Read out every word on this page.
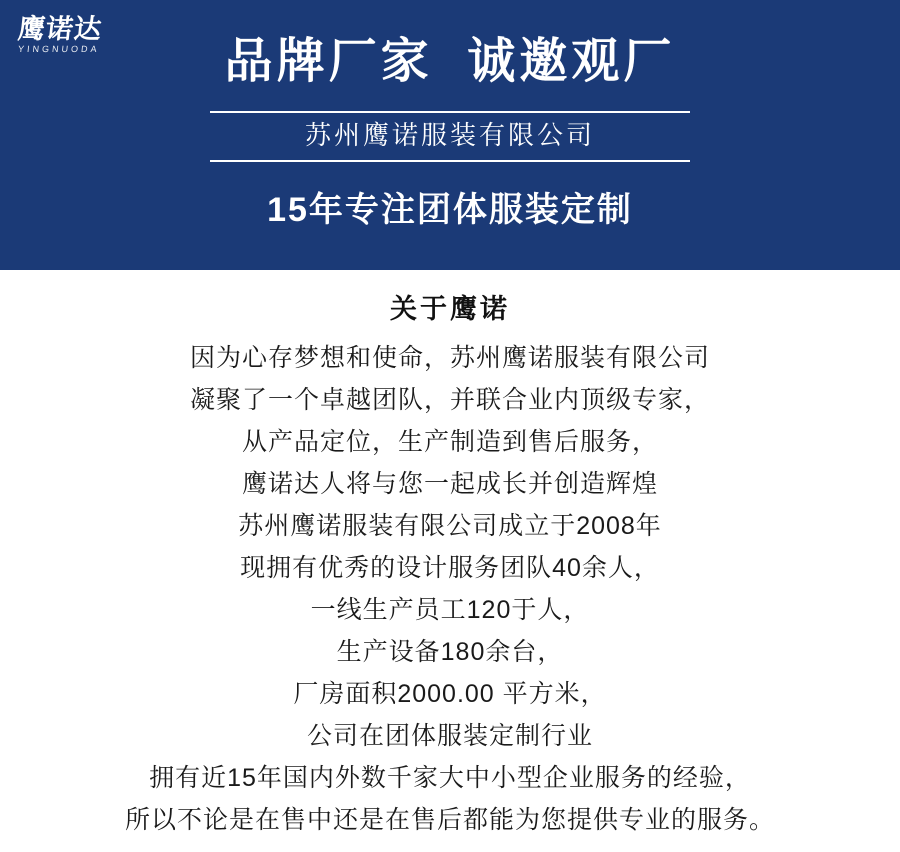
鹰诺达
YINGNUODA	品牌厂家  诚邀观厂
苏州鹰诺服装有限公司
15年专注团体服装定制
关于鹰诺
因为心存梦想和使命，苏州鹰诺服装有限公司
凝聚了一个卓越团队，并联合业内顶级专家，
从产品定位，生产制造到售后服务，
鹰诺达人将与您一起成长并创造辉煌
苏州鹰诺服装有限公司成立于2008年
现拥有优秀的设计服务团队40余人，
一线生产员工120于人，
生产设备180余台，
厂房面积2000.00 平方米，
公司在团体服装定制行业
拥有近15年国内外数千家大中小型企业服务的经验，
所以不论是在售中还是在售后都能为您提供专业的服务。
